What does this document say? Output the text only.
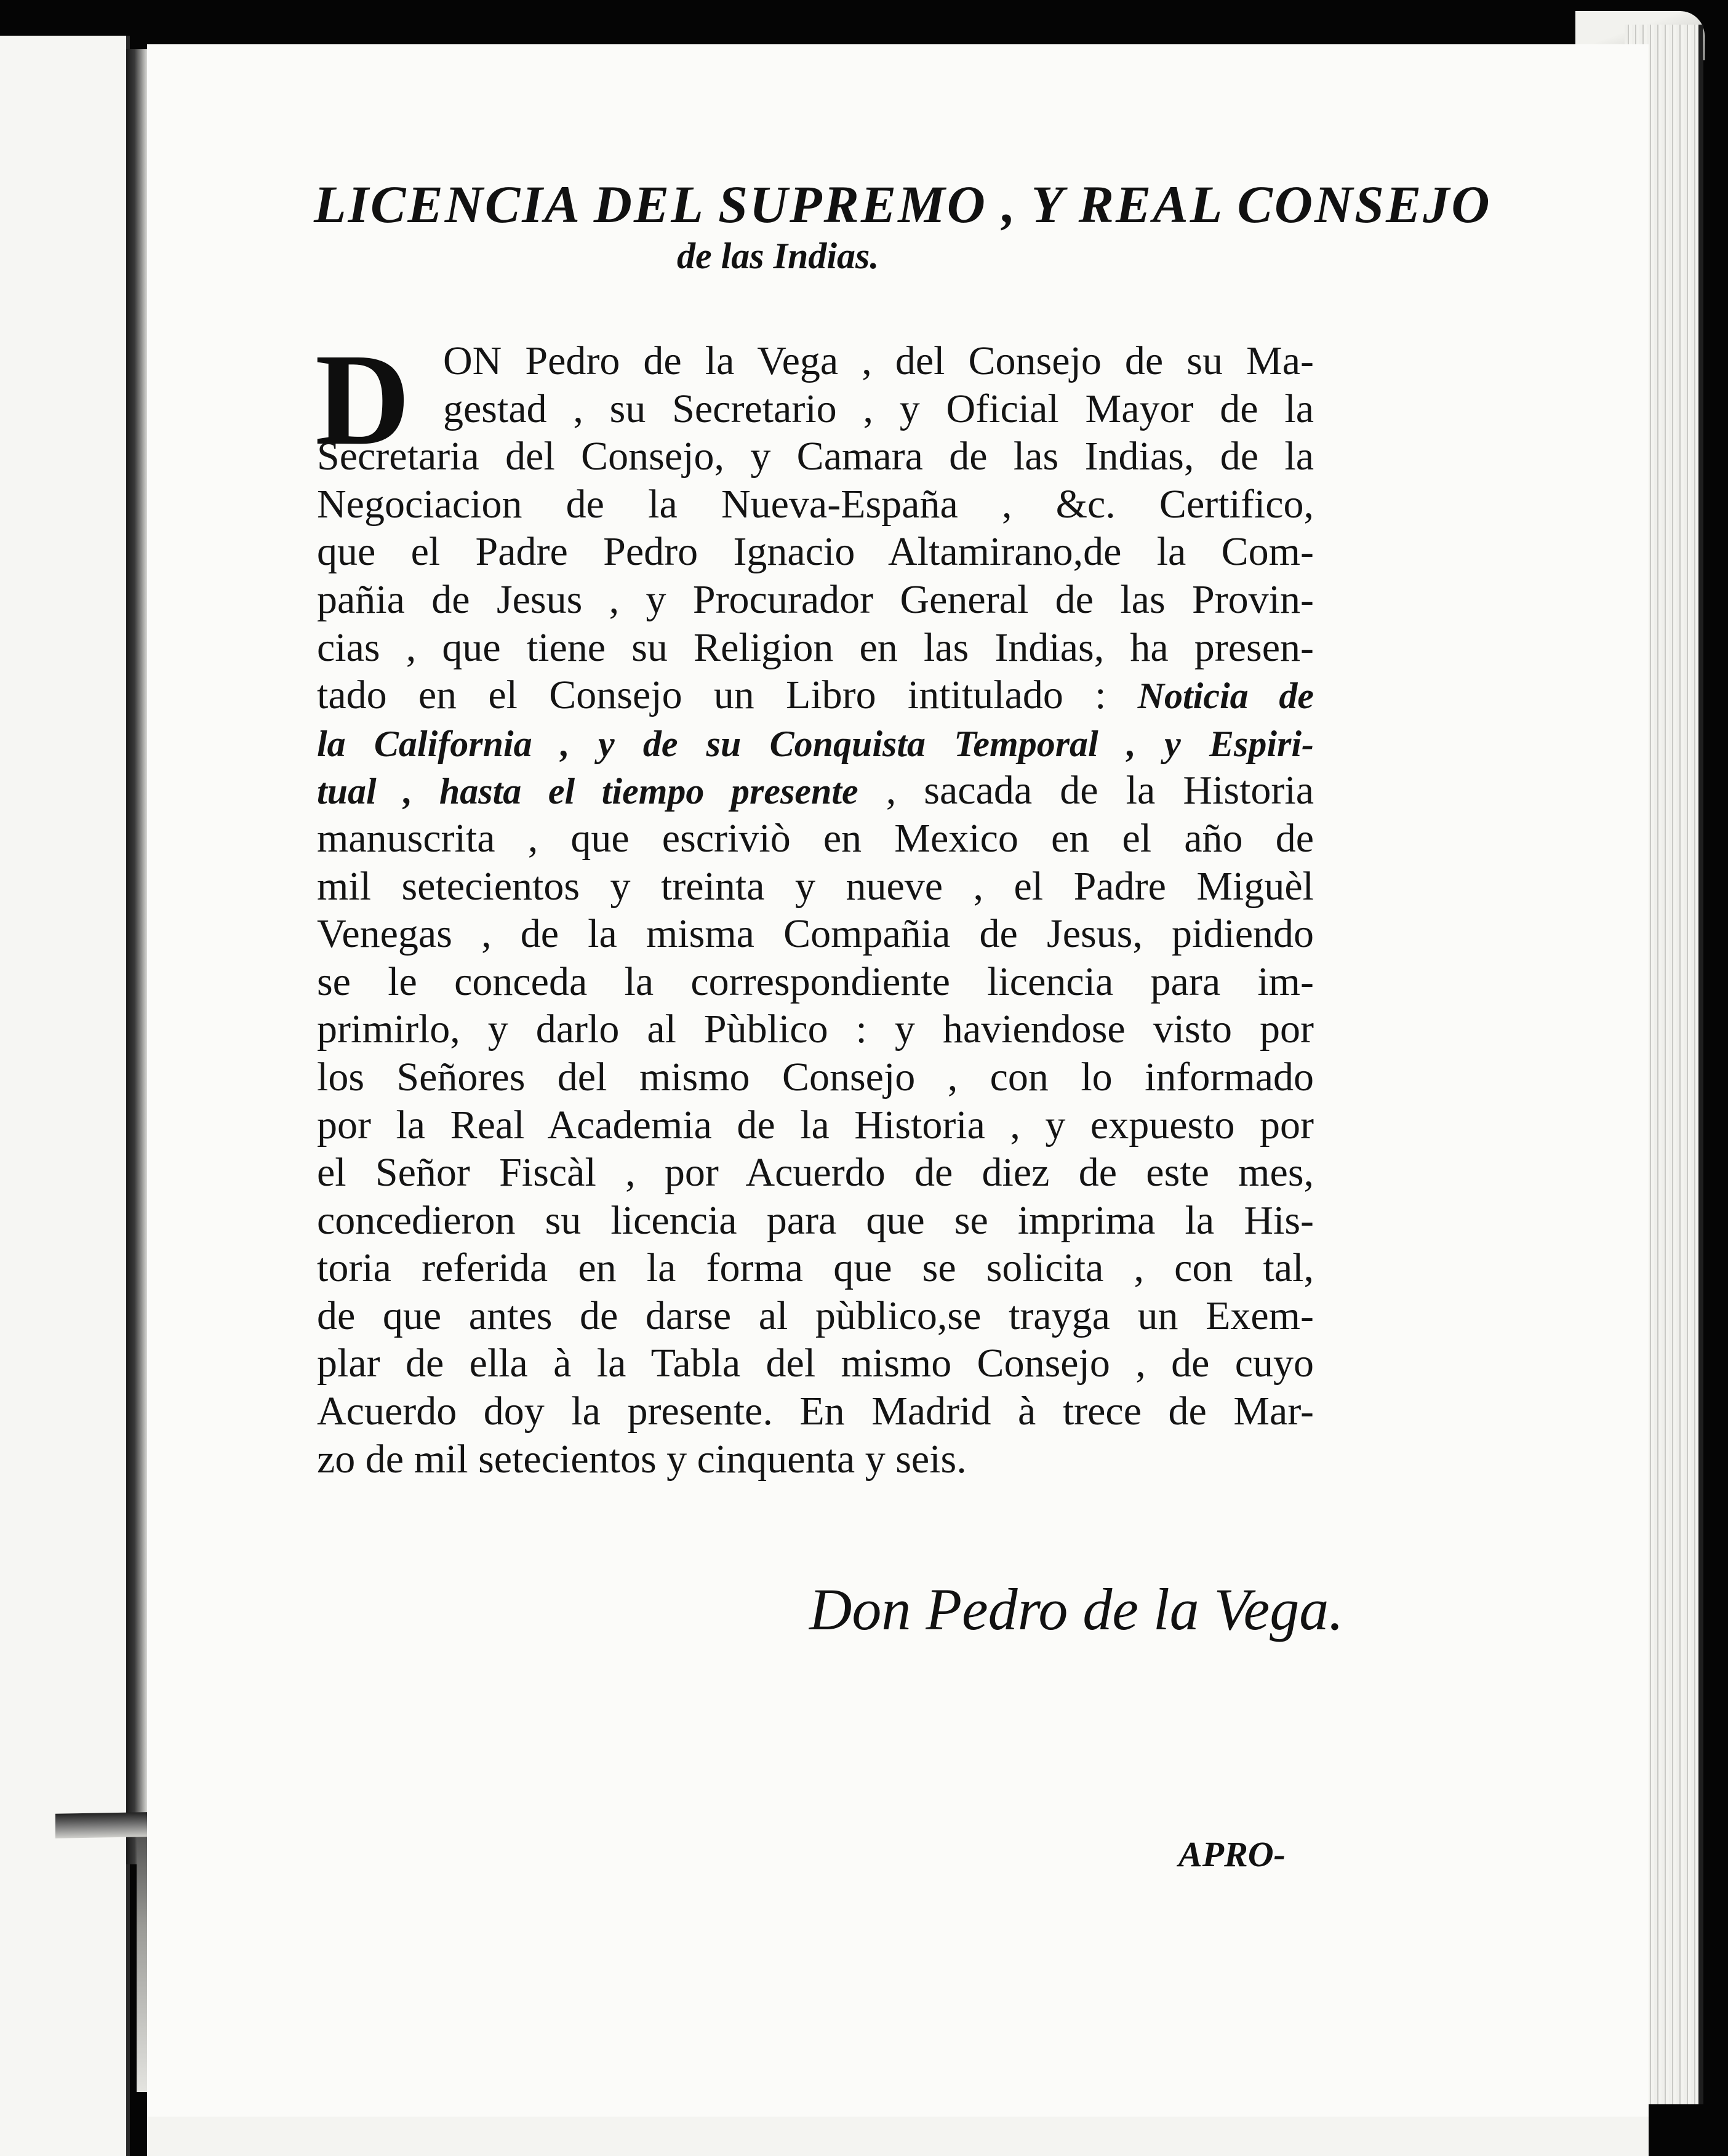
LICENCIA DEL SUPREMO , Y REAL CONSEJO
de las Indias.
D ON Pedro de la Vega , del Consejo de su Ma-
gestad , su Secretario , y Oficial Mayor de la
Secretaria del Consejo, y Camara de las Indias, de la
Negociacion de la Nueva-España , &c. Certifico,
que el Padre Pedro Ignacio Altamirano,de la Com-
pañia de Jesus , y Procurador General de las Provin-
cias , que tiene su Religion en las Indias, ha presen-
tado en el Consejo un Libro intitulado : Noticia de
la California , y de su Conquista Temporal , y Espiri-
tual , hasta el tiempo presente , sacada de la Historia
manuscrita , que escriviò en Mexico en el año de
mil setecientos y treinta y nueve , el Padre Miguèl
Venegas , de la misma Compañia de Jesus, pidiendo
se le conceda la correspondiente licencia para im-
primirlo, y darlo al Pùblico : y haviendose visto por
los Señores del mismo Consejo , con lo informado
por la Real Academia de la Historia , y expuesto por
el Señor Fiscàl , por Acuerdo de diez de este mes,
concedieron su licencia para que se imprima la His-
toria referida en la forma que se solicita , con tal,
de que antes de darse al pùblico,se trayga un Exem-
plar de ella à la Tabla del mismo Consejo , de cuyo
Acuerdo doy la presente. En Madrid à trece de Mar-
zo de mil setecientos y cinquenta y seis.
Don Pedro de la Vega.
APRO-
